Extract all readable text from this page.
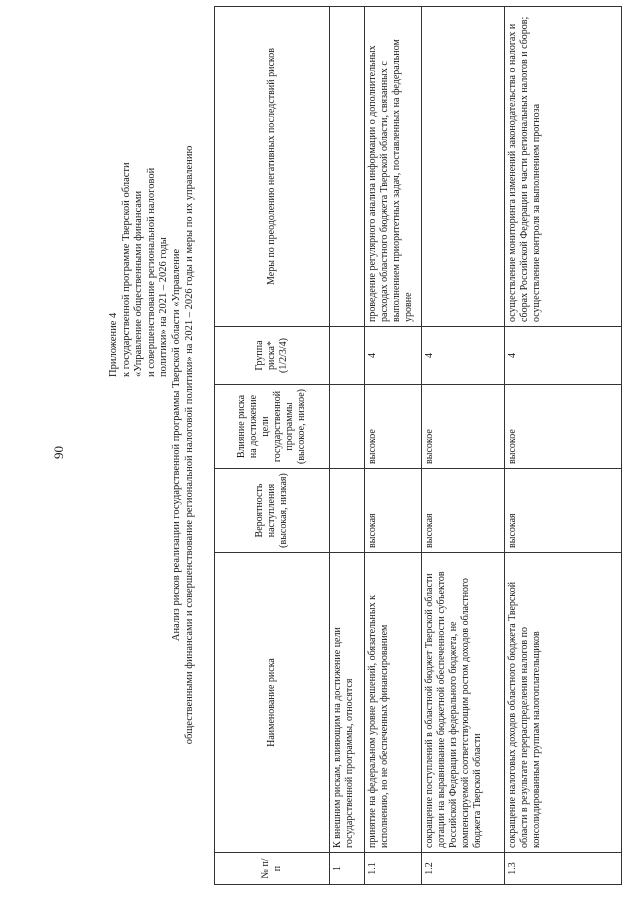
90
Приложение 4 к государственной программе Тверской области «Управление общественными финансами и совершенствование региональной налоговой политики» на 2021 – 2026 годы Анализ рисков реализации государственной программы Тверской области «Управление общественными финансами и совершенствование региональной налоговой политики» на 2021 – 2026 годы и меры по их управлению
№ п/п	Наименование риска	Вероятность наступления (высокая, низкая)	Влияние риска на достижение цели государственной программы (высокое, низкое)	Группа риска* (1/2/3/4)	Меры по преодолению негативных последствий рисков
1	К внешним рискам, влияющим на достижение цели государственной программы, относятся				
1.1	принятие на федеральном уровне решений, обязательных к исполнению, но не обеспеченных финансированием	высокая	высокое	4	проведение регулярного анализа информации о дополнительных расходах областного бюджета Тверской области, связанных с выполнением приоритетных задач, поставленных на федеральном уровне
1.2	сокращение поступлений в областной бюджет Тверской области дотации на выравнивание бюджетной обеспеченности субъектов Российской Федерации из федерального бюджета, не компенсируемой соответствующим ростом доходов областного бюджета Тверской области	высокая	высокое	4	
1.3	сокращение налоговых доходов областного бюджета Тверской области в результате перераспределения налогов по консолидированным группам налогоплательщиков	высокая	высокое	4	осуществление мониторинга изменений законодательства о налогах и сборах Российской Федерации в части региональных налогов и сборов; осуществление контроля за выполнением прогноза
